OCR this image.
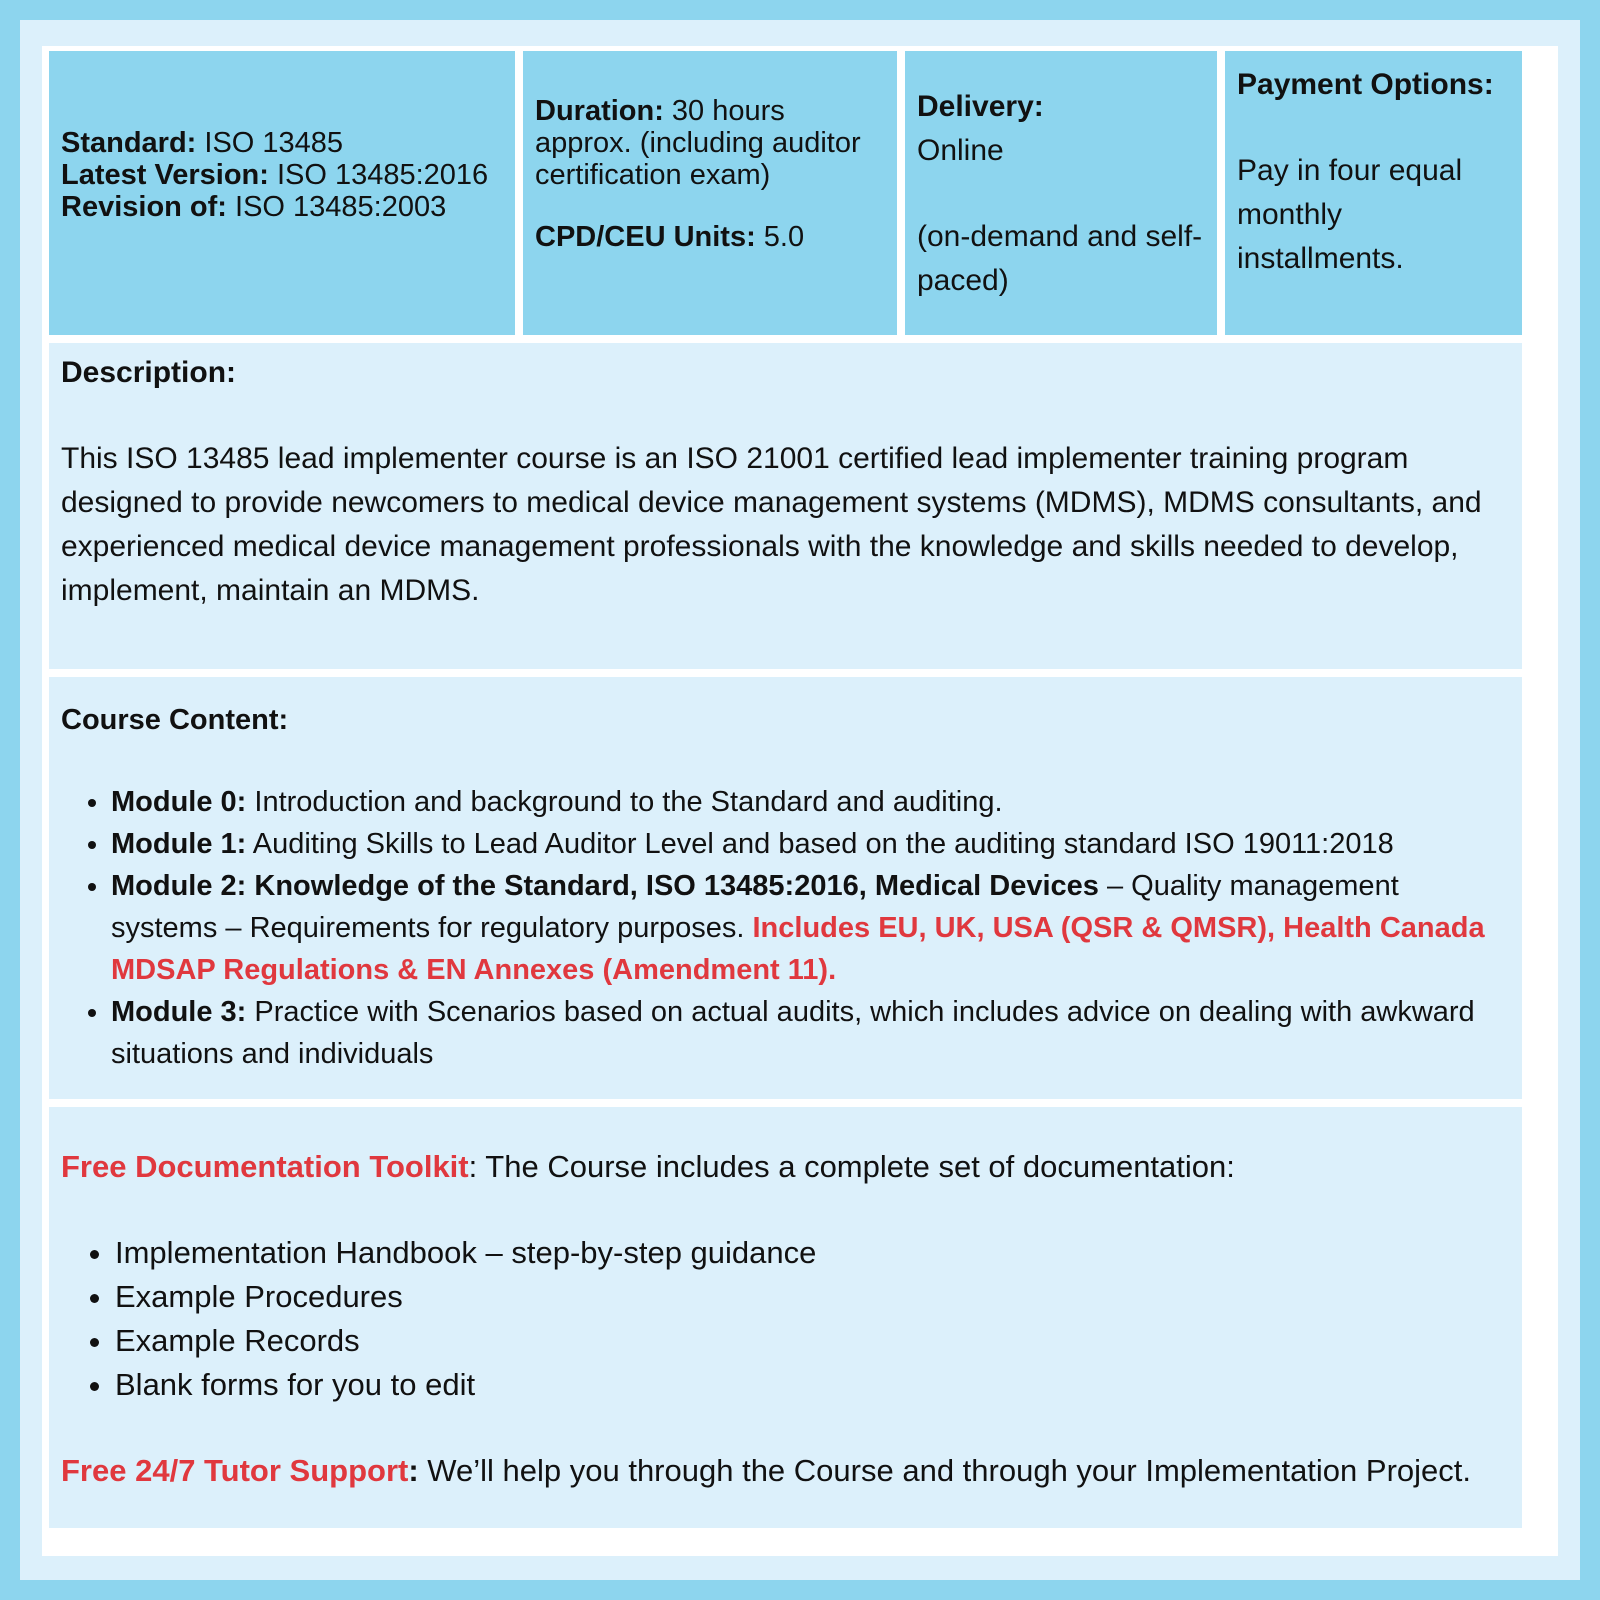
Standard: ISO 13485
Latest Version: ISO 13485:2016
Revision of: ISO 13485:2003
Duration: 30 hours approx. (including auditor certification exam)
CPD/CEU Units: 5.0
Delivery:
Online
(on-demand and self-paced)
Payment Options:
Pay in four equal monthly installments.
Description:
This ISO 13485 lead implementer course is an ISO 21001 certified lead implementer training program designed to provide newcomers to medical device management systems (MDMS), MDMS consultants, and experienced medical device management professionals with the knowledge and skills needed to develop, implement, maintain an MDMS.
Course Content:
• Module 0: Introduction and background to the Standard and auditing.
• Module 1: Auditing Skills to Lead Auditor Level and based on the auditing standard ISO 19011:2018
• Module 2: Knowledge of the Standard, ISO 13485:2016, Medical Devices – Quality management systems – Requirements for regulatory purposes. Includes EU, UK, USA (QSR & QMSR), Health Canada MDSAP Regulations & EN Annexes (Amendment 11).
• Module 3: Practice with Scenarios based on actual audits, which includes advice on dealing with awkward situations and individuals
Free Documentation Toolkit: The Course includes a complete set of documentation:
• Implementation Handbook – step-by-step guidance
• Example Procedures
• Example Records
• Blank forms for you to edit
Free 24/7 Tutor Support: We’ll help you through the Course and through your Implementation Project.
